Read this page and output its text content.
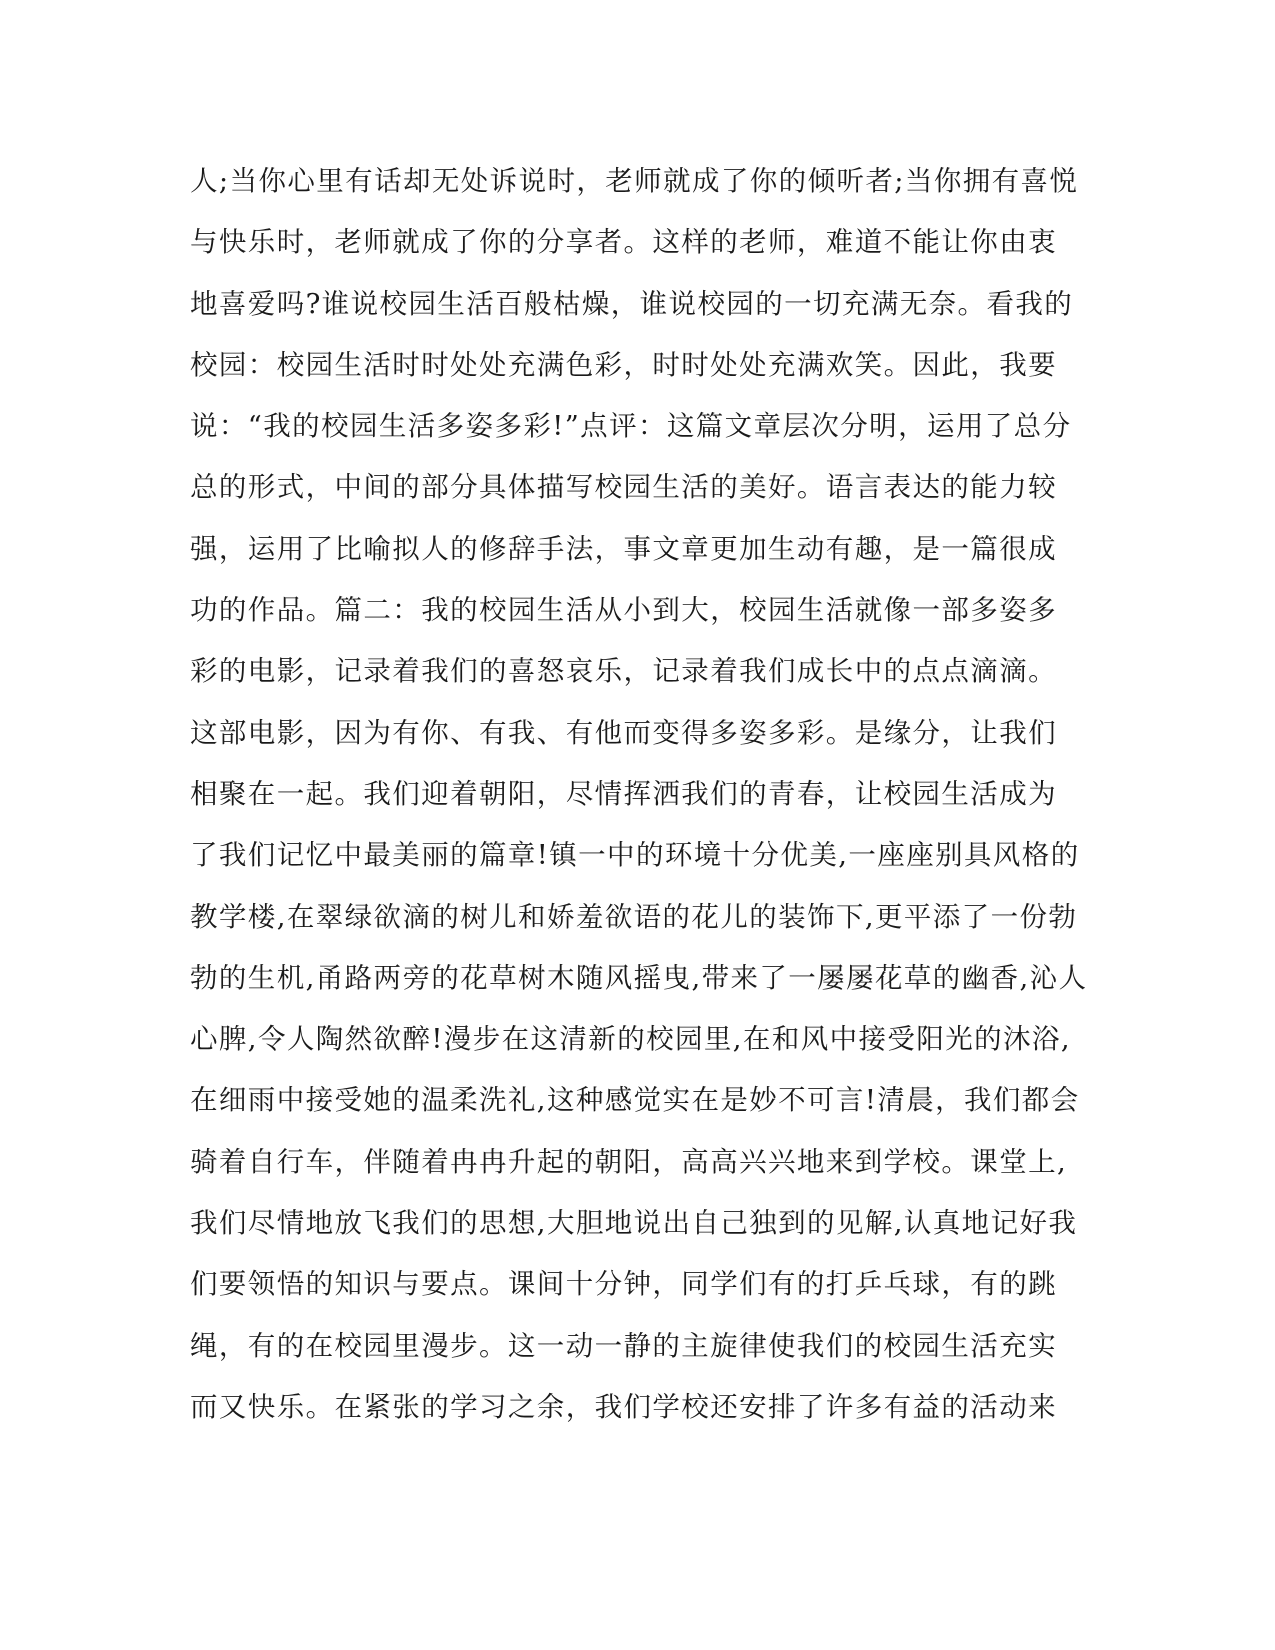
人;当你心里有话却无处诉说时，老师就成了你的倾听者;当你拥有喜悦
与快乐时，老师就成了你的分享者。这样的老师，难道不能让你由衷
地喜爱吗?谁说校园生活百般枯燥，谁说校园的一切充满无奈。看我的
校园：校园生活时时处处充满色彩，时时处处充满欢笑。因此，我要
说：“我的校园生活多姿多彩!”点评：这篇文章层次分明，运用了总分
总的形式，中间的部分具体描写校园生活的美好。语言表达的能力较
强，运用了比喻拟人的修辞手法，事文章更加生动有趣，是一篇很成
功的作品。篇二：我的校园生活从小到大，校园生活就像一部多姿多
彩的电影，记录着我们的喜怒哀乐，记录着我们成长中的点点滴滴。
这部电影，因为有你、有我、有他而变得多姿多彩。是缘分，让我们
相聚在一起。我们迎着朝阳，尽情挥洒我们的青春，让校园生活成为
了我们记忆中最美丽的篇章!镇一中的环境十分优美,一座座别具风格的
教学楼,在翠绿欲滴的树儿和娇羞欲语的花儿的装饰下,更平添了一份勃
勃的生机,甬路两旁的花草树木随风摇曳,带来了一屡屡花草的幽香,沁人
心脾,令人陶然欲醉!漫步在这清新的校园里,在和风中接受阳光的沐浴,
在细雨中接受她的温柔洗礼,这种感觉实在是妙不可言!清晨，我们都会
骑着自行车，伴随着冉冉升起的朝阳，高高兴兴地来到学校。课堂上,
我们尽情地放飞我们的思想,大胆地说出自己独到的见解,认真地记好我
们要领悟的知识与要点。课间十分钟，同学们有的打乒乓球，有的跳
绳，有的在校园里漫步。这一动一静的主旋律使我们的校园生活充实
而又快乐。在紧张的学习之余，我们学校还安排了许多有益的活动来
